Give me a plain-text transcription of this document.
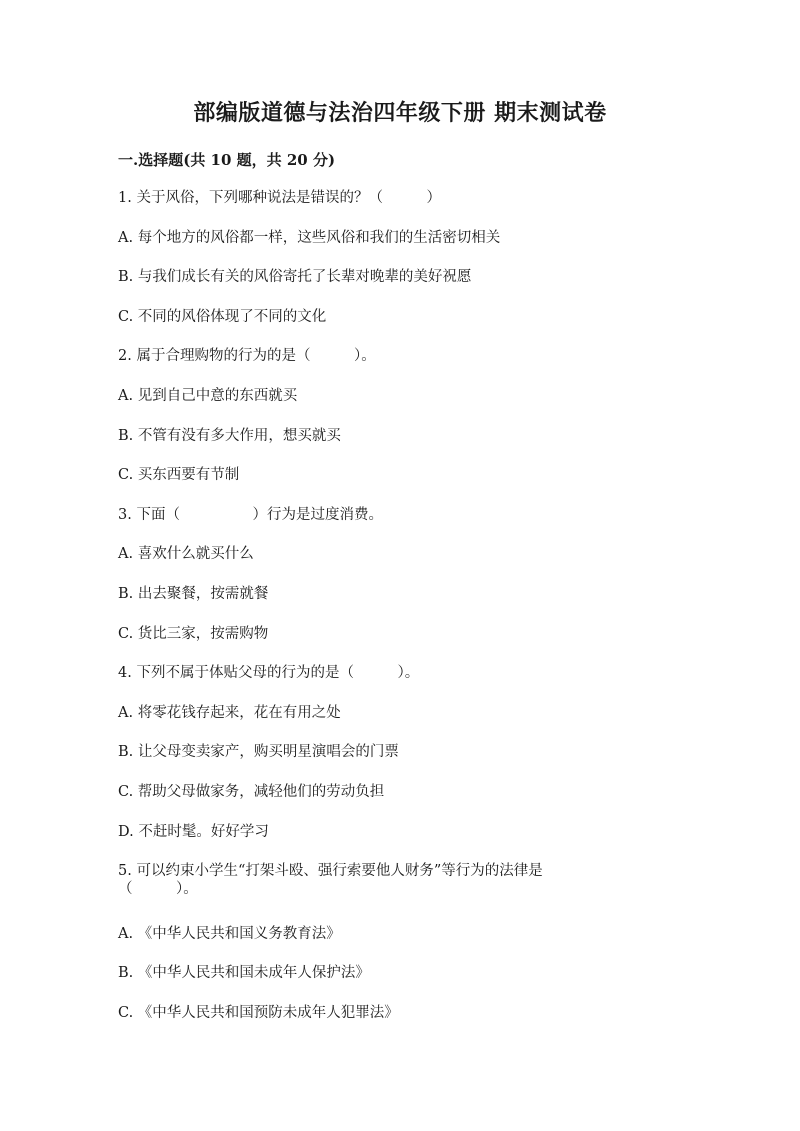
部编版道德与法治四年级下册 期末测试卷
一.选择题(共 10 题，共 20 分)
1. 关于风俗，下列哪种说法是错误的？（　　　）
A. 每个地方的风俗都一样，这些风俗和我们的生活密切相关
B. 与我们成长有关的风俗寄托了长辈对晚辈的美好祝愿
C. 不同的风俗体现了不同的文化
2. 属于合理购物的行为的是（　　　）。
A. 见到自己中意的东西就买
B. 不管有没有多大作用，想买就买
C. 买东西要有节制
3. 下面（　　　　　）行为是过度消费。
A. 喜欢什么就买什么
B. 出去聚餐，按需就餐
C. 货比三家，按需购物
4. 下列不属于体贴父母的行为的是（　　　）。
A. 将零花钱存起来，花在有用之处
B. 让父母变卖家产，购买明星演唱会的门票
C. 帮助父母做家务，减轻他们的劳动负担
D. 不赶时髦。好好学习
5. 可以约束小学生“打架斗殴、强行索要他人财务”等行为的法律是（　　　）。
A. 《中华人民共和国义务教育法》
B. 《中华人民共和国未成年人保护法》
C. 《中华人民共和国预防未成年人犯罪法》
